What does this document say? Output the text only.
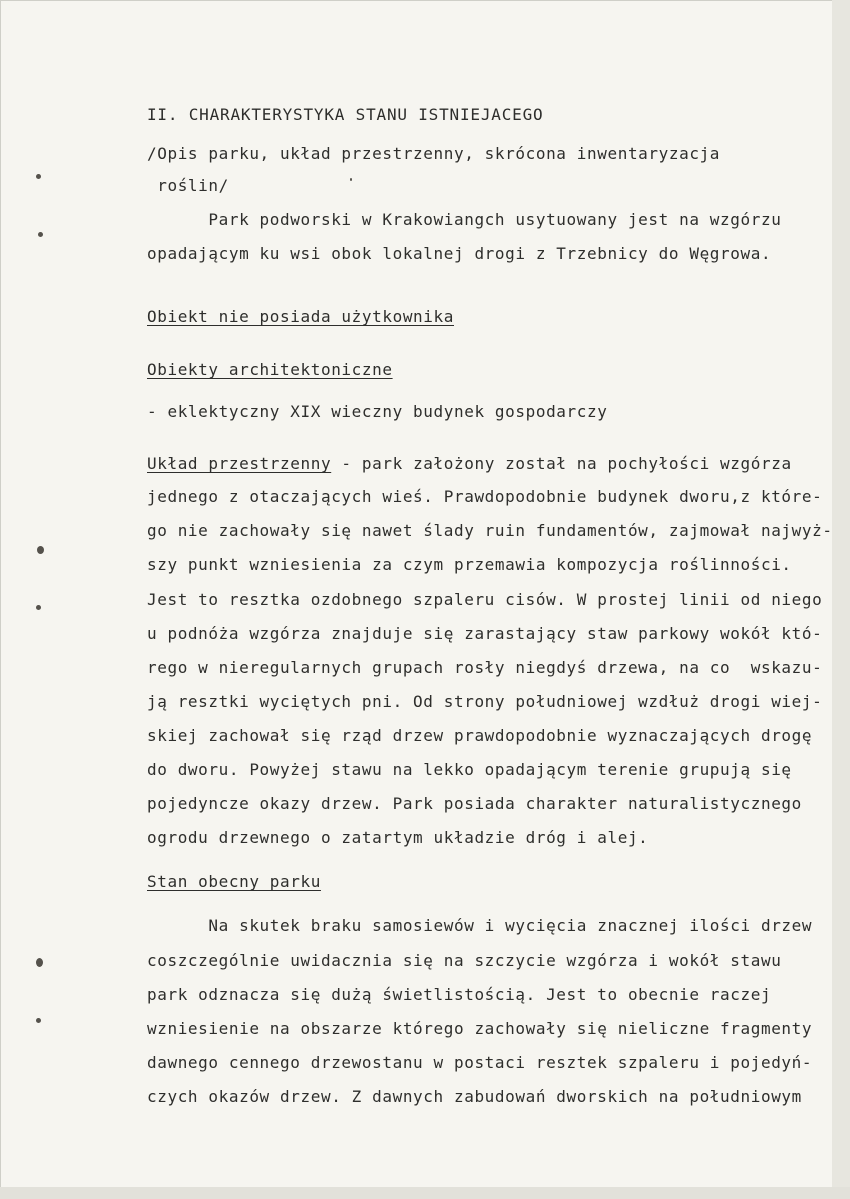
II. CHARAKTERYSTYKA STANU ISTNIEJACEGO
/Opis parku, układ przestrzenny, skrócona inwentaryzacja
roślin/
Park podworski w Krakowiangch usytuowany jest na wzgórzu
opadającym ku wsi obok lokalnej drogi z Trzebnicy do Węgrowa.
Obiekt nie posiada użytkownika
Obiekty architektoniczne
- eklektyczny XIX wieczny budynek gospodarczy
Układ przestrzenny - park założony został na pochyłości wzgórza
jednego z otaczających wieś. Prawdopodobnie budynek dworu,z które-
go nie zachowały się nawet ślady ruin fundamentów, zajmował najwyż-
szy punkt wzniesienia za czym przemawia kompozycja roślinności.
Jest to resztka ozdobnego szpaleru cisów. W prostej linii od niego
u podnóża wzgórza znajduje się zarastający staw parkowy wokół któ-
rego w nieregularnych grupach rosły niegdyś drzewa, na co  wskazu-
ją resztki wyciętych pni. Od strony południowej wzdłuż drogi wiej-
skiej zachował się rząd drzew prawdopodobnie wyznaczających drogę
do dworu. Powyżej stawu na lekko opadającym terenie grupują się
pojedyncze okazy drzew. Park posiada charakter naturalistycznego
ogrodu drzewnego o zatartym układzie dróg i alej.
Stan obecny parku
Na skutek braku samosiewów i wycięcia znacznej ilości drzew
coszczególnie uwidacznia się na szczycie wzgórza i wokół stawu
park odznacza się dużą świetlistością. Jest to obecnie raczej
wzniesienie na obszarze którego zachowały się nieliczne fragmenty
dawnego cennego drzewostanu w postaci resztek szpaleru i pojedyń-
czych okazów drzew. Z dawnych zabudowań dworskich na południowym
